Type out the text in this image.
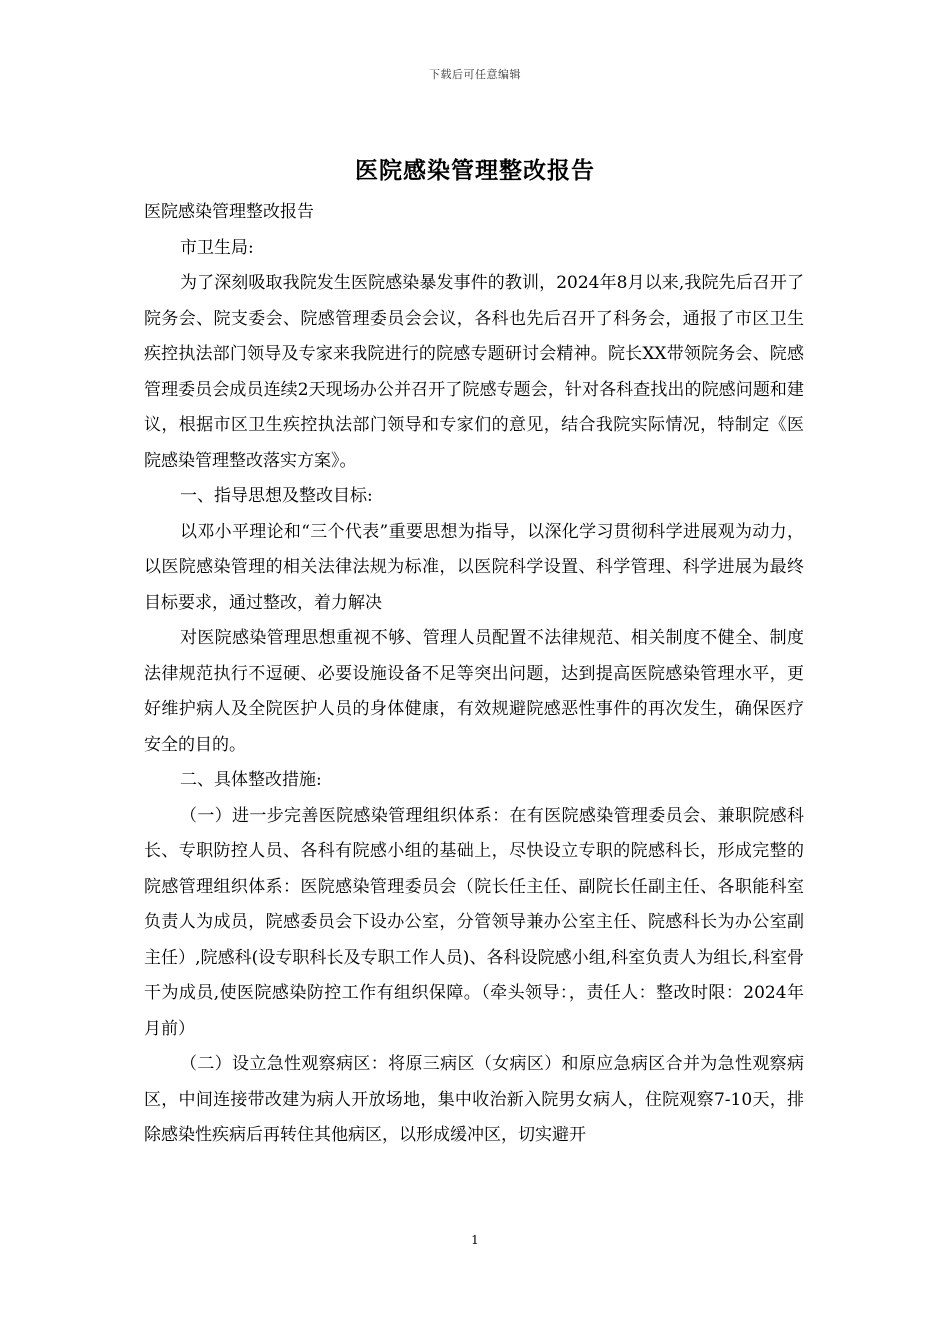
下载后可任意编辑
医院感染管理整改报告

医院感染管理整改报告

市卫生局:

为了深刻吸取我院发生医院感染暴发事件的教训，2024年8月以来,我院先后召开了院务会、院支委会、院感管理委员会会议，各科也先后召开了科务会，通报了市区卫生疾控执法部门领导及专家来我院进行的院感专题研讨会精神。院长XX带领院务会、院感管理委员会成员连续2天现场办公并召开了院感专题会，针对各科查找出的院感问题和建议，根据市区卫生疾控执法部门领导和专家们的意见，结合我院实际情况，特制定《医院感染管理整改落实方案》。

一、指导思想及整改目标:

以邓小平理论和“三个代表”重要思想为指导，以深化学习贯彻科学进展观为动力，以医院感染管理的相关法律法规为标准，以医院科学设置、科学管理、科学进展为最终目标要求，通过整改，着力解决

对医院感染管理思想重视不够、管理人员配置不法律规范、相关制度不健全、制度法律规范执行不逗硬、必要设施设备不足等突出问题，达到提高医院感染管理水平，更好维护病人及全院医护人员的身体健康，有效规避院感恶性事件的再次发生，确保医疗安全的目的。

二、具体整改措施:

（一）进一步完善医院感染管理组织体系：在有医院感染管理委员会、兼职院感科长、专职防控人员、各科有院感小组的基础上，尽快设立专职的院感科长，形成完整的院感管理组织体系：医院感染管理委员会（院长任主任、副院长任副主任、各职能科室负责人为成员，院感委员会下设办公室，分管领导兼办公室主任、院感科长为办公室副主任）,院感科(设专职科长及专职工作人员)、各科设院感小组,科室负责人为组长,科室骨干为成员,使医院感染防控工作有组织保障。（牵头领导：，责任人：整改时限：2024年月前）

（二）设立急性观察病区：将原三病区（女病区）和原应急病区合并为急性观察病区，中间连接带改建为病人开放场地，集中收治新入院男女病人，住院观察7-10天，排除感染性疾病后再转住其他病区，以形成缓冲区，切实避开

1
